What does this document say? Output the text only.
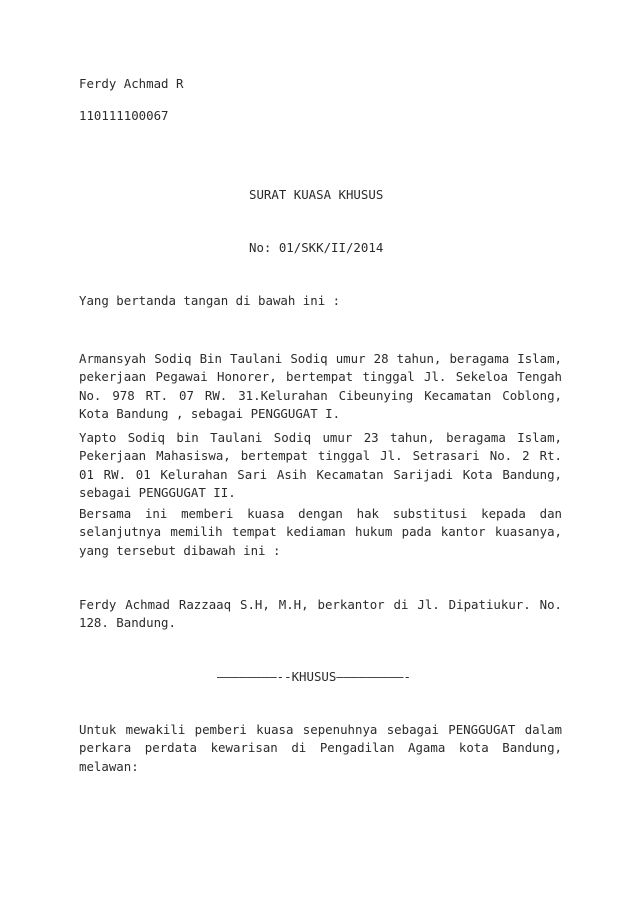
Ferdy Achmad R
110111100067
SURAT KUASA KHUSUS
No: 01/SKK/II/2014
Yang bertanda tangan di bawah ini :

Armansyah Sodiq Bin Taulani Sodiq umur 28 tahun, beragama Islam, pekerjaan Pegawai Honorer, bertempat tinggal Jl. Sekeloa Tengah No. 978 RT. 07 RW. 31.Kelurahan Cibeunying Kecamatan Coblong, Kota Bandung , sebagai PENGGUGAT I.

Yapto Sodiq bin Taulani Sodiq umur 23 tahun, beragama Islam, Pekerjaan Mahasiswa, bertempat tinggal Jl. Setrasari No. 2 Rt. 01 RW. 01 Kelurahan Sari Asih Kecamatan Sarijadi Kota Bandung, sebagai PENGGUGAT II.

Bersama ini memberi kuasa dengan hak substitusi kepada dan selanjutnya memilih tempat kediaman hukum pada kantor kuasanya, yang tersebut dibawah ini :

Ferdy Achmad Razzaaq S.H, M.H, berkantor di Jl. Dipatiukur. No. 128. Bandung.

————————--KHUSUS—————————-

Untuk mewakili pemberi kuasa sepenuhnya sebagai PENGGUGAT dalam perkara perdata kewarisan di Pengadilan Agama kota Bandung, melawan:
